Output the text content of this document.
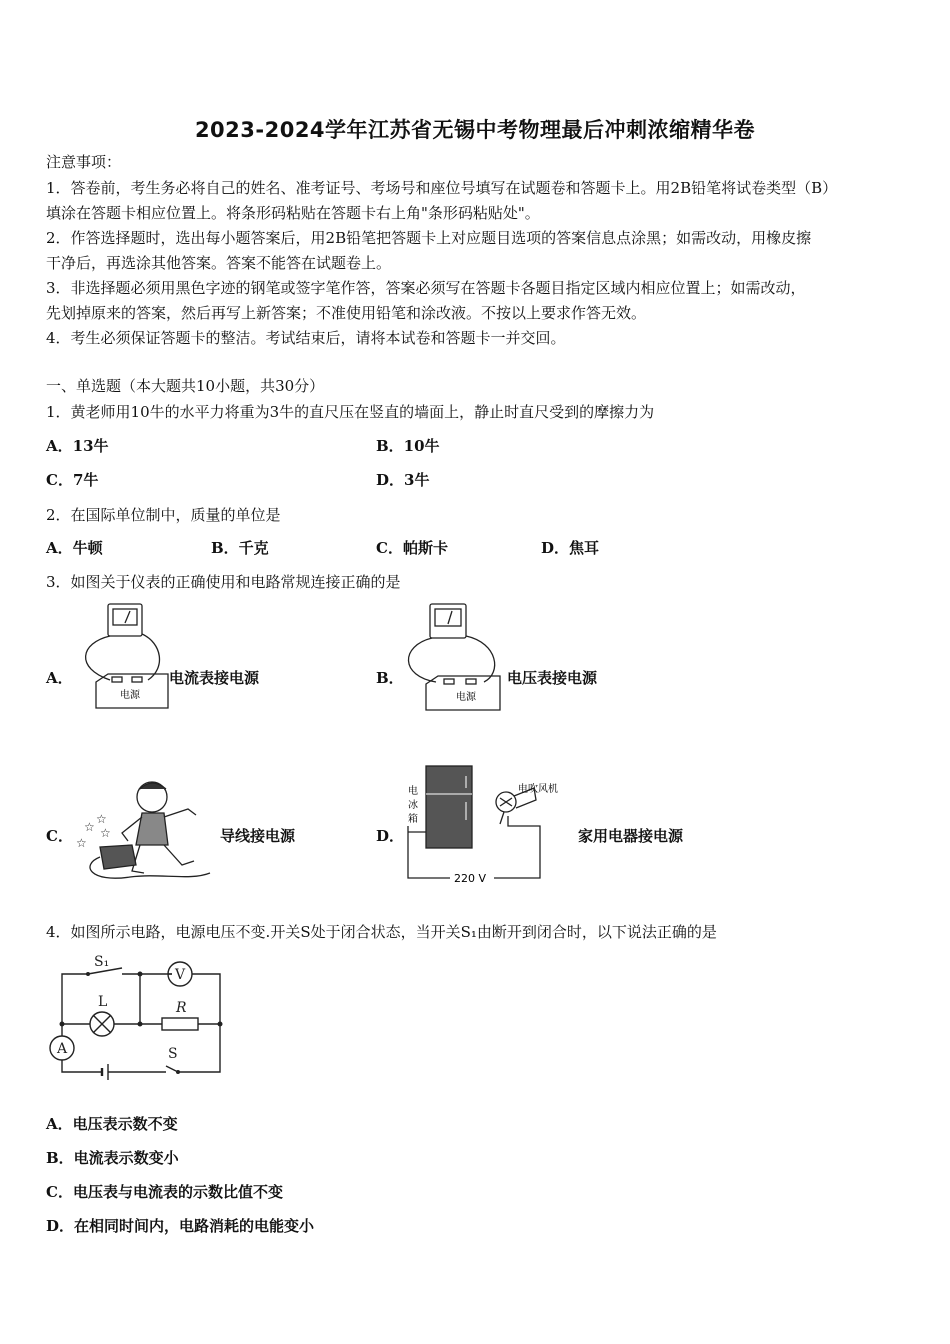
2023-2024学年江苏省无锡中考物理最后冲刺浓缩精华卷
注意事项：
1．答卷前，考生务必将自己的姓名、准考证号、考场号和座位号填写在试题卷和答题卡上。用2B铅笔将试卷类型（B）
填涂在答题卡相应位置上。将条形码粘贴在答题卡右上角"条形码粘贴处"。
2．作答选择题时，选出每小题答案后，用2B铅笔把答题卡上对应题目选项的答案信息点涂黑；如需改动，用橡皮擦
干净后，再选涂其他答案。答案不能答在试题卷上。
3．非选择题必须用黑色字迹的钢笔或签字笔作答，答案必须写在答题卡各题目指定区域内相应位置上；如需改动，
先划掉原来的答案，然后再写上新答案；不准使用铅笔和涂改液。不按以上要求作答无效。
4．考生必须保证答题卡的整洁。考试结束后，请将本试卷和答题卡一并交回。
一、单选题（本大题共10小题，共30分）
1．黄老师用10牛的水平力将重为3牛的直尺压在竖直的墙面上，静止时直尺受到的摩擦力为
A．13牛	B．10牛
C．7牛	D．3牛
2．在国际单位制中，质量的单位是
A．牛顿	B．千克	C．帕斯卡	D．焦耳
3．如图关于仪表的正确使用和电路常规连接正确的是
A．
电源
电流表接电源	B．
电源
电压表接电源
C． ☆
☆
☆
☆	导线接电源	D．
电冰箱
电吹风机
220 V
家用电器接电源
4．如图所示电路，电源电压不变.开关S处于闭合状态，当开关S₁由断开到闭合时，以下说法正确的是
S₁
V
L	R
A	S
A．电压表示数不变
B．电流表示数变小
C．电压表与电流表的示数比值不变
D．在相同时间内，电路消耗的电能变小
